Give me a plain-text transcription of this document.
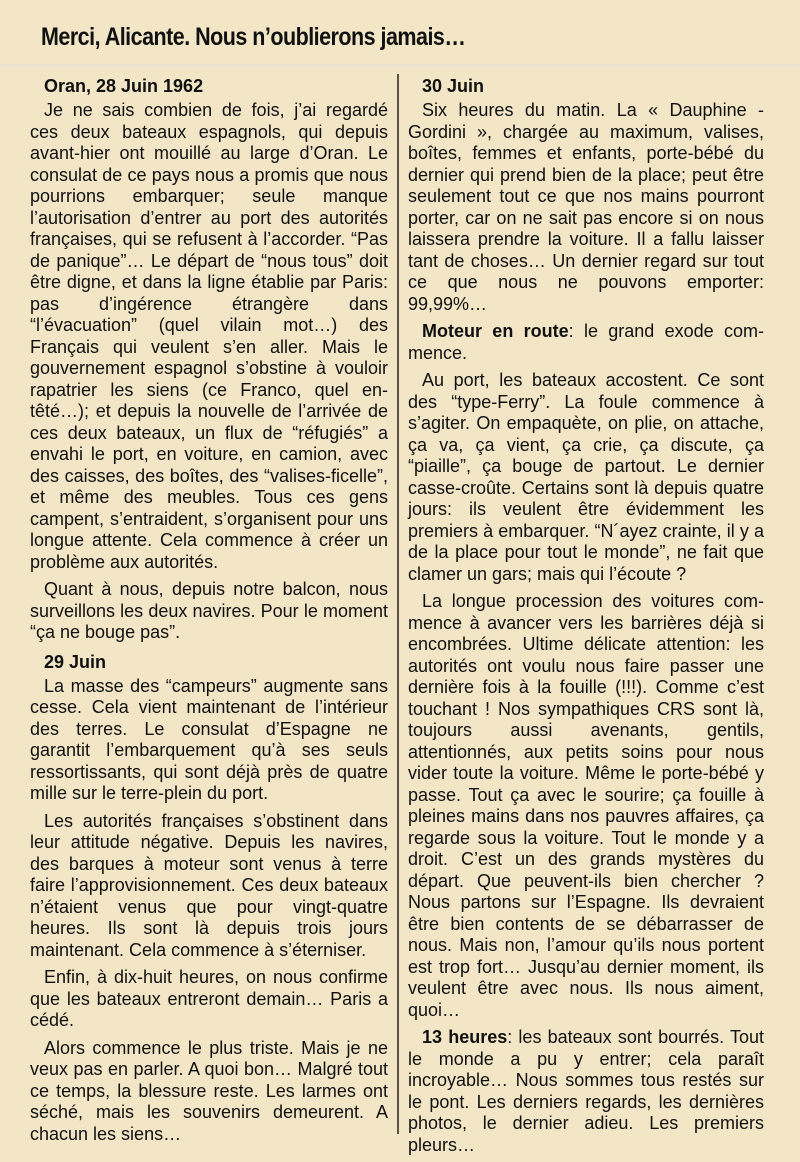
Merci, Alicante. Nous n’oublierons jamais…
Oran, 28 Juin 1962

Je ne sais combien de fois, j’ai regardé ces deux bateaux espagnols, qui depuis avant-hier ont mouillé au large d’Oran. Le consulat de ce pays nous a promis que nous pourrions embarquer; seule manque l’autorisation d’entrer au port des autorités françaises, qui se refusent à l’accorder. “Pas de panique”… Le départ de “nous tous” doit être digne, et dans la ligne établie par Paris: pas d’ingérence étrangère dans “l’évacuation” (quel vilain mot…) des Français qui veulent s’en aller. Mais le gouvernement espagnol s’obstine à vouloir rapatrier les siens (ce Franco, quel entêté…); et depuis la nouvelle de l’arrivée de ces deux bateaux, un flux de “réfugiés” a envahi le port, en voiture, en camion, avec des caisses, des boîtes, des “valises-ficelle”, et même des meubles. Tous ces gens campent, s’entraident, s’organisent pour uns longue attente. Cela commence à créer un problème aux autorités.

Quant à nous, depuis notre balcon, nous surveillons les deux navires. Pour le moment “ça ne bouge pas”.

29 Juin

La masse des “campeurs” augmente sans cesse. Cela vient maintenant de l’intérieur des terres. Le consulat d’Espagne ne garantit l’embarquement qu’à ses seuls ressortissants, qui sont déjà près de quatre mille sur le terre-plein du port.

Les autorités françaises s’obstinent dans leur attitude négative. Depuis les navires, des barques à moteur sont venus à terre faire l’approvisionnement. Ces deux bateaux n’étaient venus que pour vingt-quatre heures. Ils sont là depuis trois jours maintenant. Cela commence à s’éterniser.

Enfin, à dix-huit heures, on nous confirme que les bateaux entreront demain… Paris a cédé.

Alors commence le plus triste. Mais je ne veux pas en parler. A quoi bon… Malgré tout ce temps, la blessure reste. Les larmes ont séché, mais les souvenirs demeurent. A chacun les siens…

30 Juin

Six heures du matin. La « Dauphine - Gordini », chargée au maximum, valises, boîtes, femmes et enfants, porte-bébé du dernier qui prend bien de la place; peut être seulement tout ce que nos mains pourront porter, car on ne sait pas encore si on nous laissera prendre la voiture. Il a fallu laisser tant de choses… Un dernier regard sur tout ce que nous ne pouvons emporter: 99,99%…

Moteur en route: le grand exode commence.

Au port, les bateaux accostent. Ce sont des “type-Ferry”. La foule commence à s’agiter. On empaquète, on plie, on attache, ça va, ça vient, ça crie, ça discute, ça “piaille”, ça bouge de partout. Le dernier casse-croûte. Certains sont là depuis quatre jours: ils veulent être évidemment les premiers à embarquer. “N´ayez crainte, il y a de la place pour tout le monde”, ne fait que clamer un gars; mais qui l’écoute ?

La longue procession des voitures commence à avancer vers les barrières déjà si encombrées. Ultime délicate attention: les autorités ont voulu nous faire passer une dernière fois à la fouille (!!!). Comme c’est touchant ! Nos sympathiques CRS sont là, toujours aussi avenants, gentils, attentionnés, aux petits soins pour nous vider toute la voiture. Même le porte-bébé y passe. Tout ça avec le sourire; ça fouille à pleines mains dans nos pauvres affaires, ça regarde sous la voiture. Tout le monde y a droit. C’est un des grands mystères du départ. Que peuvent-ils bien chercher ? Nous partons sur l’Espagne. Ils devraient être bien contents de se débarrasser de nous. Mais non, l’amour qu’ils nous portent est trop fort… Jusqu’au dernier moment, ils veulent être avec nous. Ils nous aiment, quoi…

13 heures: les bateaux sont bourrés. Tout le monde a pu y entrer; cela paraît incroyable… Nous sommes tous restés sur le pont. Les derniers regards, les dernières photos, le dernier adieu. Les premiers pleurs…
